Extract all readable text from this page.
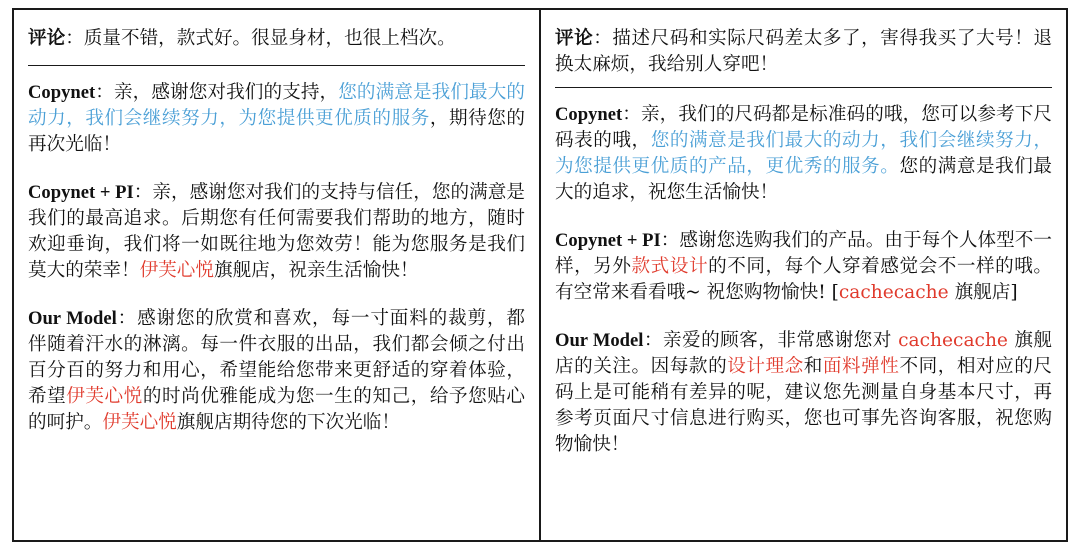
评论：质量不错，款式好。很显身材，也很上档次。

Copynet：亲，感谢您对我们的支持，您的满意是我们最大的动力，我们会继续努力，为您提供更优质的服务，期待您的再次光临！

Copynet + PI：亲，感谢您对我们的支持与信任，您的满意是我们的最高追求。后期您有任何需要我们帮助的地方，随时欢迎垂询，我们将一如既往地为您效劳！能为您服务是我们莫大的荣幸！伊芙心悦旗舰店，祝亲生活愉快！

Our Model：感谢您的欣赏和喜欢，每一寸面料的裁剪，都伴随着汗水的淋漓。每一件衣服的出品，我们都会倾之付出百分百的努力和用心，希望能给您带来更舒适的穿着体验，希望伊芙心悦的时尚优雅能成为您一生的知己，给予您贴心的呵护。伊芙心悦旗舰店期待您的下次光临！

评论：描述尺码和实际尺码差太多了，害得我买了大号！退换太麻烦，我给别人穿吧！

Copynet：亲，我们的尺码都是标准码的哦，您可以参考下尺码表的哦，您的满意是我们最大的动力，我们会继续努力，为您提供更优质的产品，更优秀的服务。您的满意是我们最大的追求，祝您生活愉快！

Copynet + PI：感谢您选购我们的产品。由于每个人体型不一样，另外款式设计的不同，每个人穿着感觉会不一样的哦。有空常来看看哦~ 祝您购物愉快! [cachecache 旗舰店]

Our Model：亲爱的顾客，非常感谢您对 cachecache 旗舰店的关注。因每款的设计理念和面料弹性不同，相对应的尺码上是可能稍有差异的呢，建议您先测量自身基本尺寸，再参考页面尺寸信息进行购买，您也可事先咨询客服，祝您购物愉快！
